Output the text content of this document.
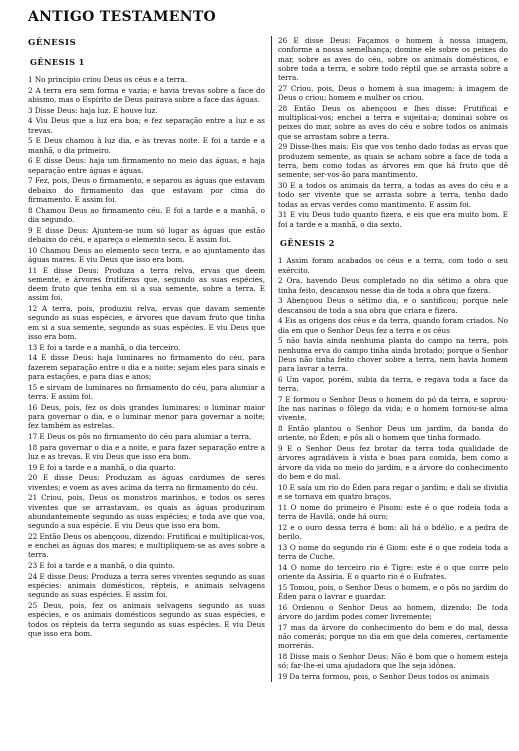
ANTIGO TESTAMENTO
GÊNESIS
GÊNESIS 1
1 No princípio criou Deus os céus e a terra.
2 A terra era sem forma e vazia; e havia trevas sobre a face do abismo, mas o Espírito de Deus pairava sobre a face das águas.
3 Disse Deus: haja luz. E houve luz.
4 Viu Deus que a luz era boa; e fez separação entre a luz e as trevas.
5 E Deus chamou à luz dia, e às trevas noite. E foi a tarde e a manhã, o dia primeiro.
6 E disse Deus: haja um firmamento no meio das águas, e haja separação entre águas e águas.
7 Fez, pois, Deus o firmamento, e separou as águas que estavam debaixo do firmamento das que estavam por cima do firmamento. E assim foi.
8 Chamou Deus ao firmamento céu. E foi a tarde e a manhã, o dia segundo.
9 E disse Deus: Ajuntem-se num só lugar as águas que estão debaixo do céu, e apareça o elemento seco. E assim foi.
10 Chamou Deus ao elemento seco terra, e ao ajuntamento das águas mares. E viu Deus que isso era bom.
11 E disse Deus: Produza a terra relva, ervas que deem semente, e árvores frutíferas que, segundo as suas espécies, deem fruto que tenha em si a sua semente, sobre a terra. E assim foi.
12 A terra, pois, produziu relva, ervas que davam semente segundo as suas espécies, e árvores que davam fruto que tinha em si a sua semente, segundo as suas espécies. E viu Deus que isso era bom.
13 E foi a tarde e a manhã, o dia terceiro.
14 E disse Deus: haja luminares no firmamento do céu, para fazerem separação entre o dia e a noite; sejam eles para sinais e para estações, e para dias e anos;
15 e sirvam de luminares no firmamento do céu, para alumiar a terra. E assim foi.
16 Deus, pois, fez os dois grandes luminares: o luminar maior para governar o dia, e o luminar menor para governar a noite; fez também as estrelas.
17 E Deus os pôs no firmamento do céu para alumiar a terra,
18 para governar o dia e a noite, e para fazer separação entre a luz e as trevas. E viu Deus que isso era bom.
19 E foi a tarde e a manhã, o dia quarto.
20 E disse Deus: Produzam as águas cardumes de seres viventes; e voem as aves acima da terra no firmamento do céu.
21 Criou, pois, Deus os monstros marinhos, e todos os seres viventes que se arrastavam, os quais as águas produziram abundantemente segundo as suas espécies; e toda ave que voa, segundo a sua espécie. E viu Deus que isso era bom.
22 Então Deus os abençoou, dizendo: Frutificai e multiplicai-vos, e enchei as águas dos mares; e multipliquem-se as aves sobre a terra.
23 E foi a tarde e a manhã, o dia quinto.
24 E disse Deus: Produza a terra seres viventes segundo as suas espécies: animais domésticos, répteis, e animais selvagens segundo as suas espécies. E assim foi.
25 Deus, pois, fez os animais selvagens segundo as suas espécies, e os animais domésticos segundo as suas espécies, e todos os répteis da terra segundo as suas espécies. E viu Deus que isso era bom.
26 E disse Deus: Façamos o homem à nossa imagem, conforme a nossa semelhança; domine ele sobre os peixes do mar, sobre as aves do céu, sobre os animais domésticos, e sobre toda a terra, e sobre todo réptil que se arrasta sobre a terra.
27 Criou, pois, Deus o homem à sua imagem; à imagem de Deus o criou; homem e mulher os criou.
28 Então Deus os abençoou e lhes disse: Frutificai e multiplicai-vos; enchei a terra e sujeitai-a; dominai sobre os peixes do mar, sobre as aves do céu e sobre todos os animais que se arrastam sobre a terra.
29 Disse-lhes mais: Eis que vos tenho dado todas as ervas que produzem semente, as quais se acham sobre a face de toda a terra, bem como todas as árvores em que há fruto que dê semente; ser-vos-ão para mantimento.
30 E a todos os animais da terra, a todas as aves do céu e a todo ser vivente que se arrasta sobre a terra, tenho dado todas as ervas verdes como mantimento. E assim foi.
31 E viu Deus tudo quanto fizera, e eis que era muito bom. E foi a tarde e a manhã, o dia sexto.
GÊNESIS 2
1 Assim foram acabados os céus e a terra, com todo o seu exército.
2 Ora, havendo Deus completado no dia sétimo a obra que tinha feito, descansou nesse dia de toda a obra que fizera.
3 Abençoou Deus o sétimo dia, e o santificou; porque nele descansou de toda a sua obra que criara e fizera.
4 Eis as origens dos céus e da terra, quando foram criados. No dia em que o Senhor Deus fez a terra e os céus
5 não havia ainda nenhuma planta do campo na terra, pois nenhuma erva do campo tinha ainda brotado; porque o Senhor Deus não tinha feito chover sobre a terra, nem havia homem para lavrar a terra.
6 Um vapor, porém, subia da terra, e regava toda a face da terra.
7 E formou o Senhor Deus o homem do pó da terra, e soprou-lhe nas narinas o fôlego da vida; e o homem tornou-se alma vivente.
8 Então plantou o Senhor Deus um jardim, da banda do oriente, no Éden; e pôs ali o homem que tinha formado.
9 E o Senhor Deus fez brotar da terra toda qualidade de árvores agradáveis à vista e boas para comida, bem como a árvore da vida no meio do jardim, e a árvore do conhecimento do bem e do mal.
10 E saía um rio do Éden para regar o jardim; e dali se dividia e se tornava em quatro braços.
11 O nome do primeiro é Pisom: este é o que rodeia toda a terra de Havilá, onde há ouro;
12 e o ouro dessa terra é bom: ali há o bdélio, e a pedra de berilo.
13 O nome do segundo rio é Giom: este é o que rodeia toda a terra de Cuche.
14 O nome do terceiro rio é Tigre: este é o que corre pelo oriente da Assíria. E o quarto rio é o Eufrates.
15 Tomou, pois, o Senhor Deus o homem, e o pôs no jardim do Éden para o lavrar e guardar.
16 Ordenou o Senhor Deus ao homem, dizendo: De toda árvore do jardim podes comer livremente;
17 mas da árvore do conhecimento do bem e do mal, dessa não comerás; porque no dia em que dela comeres, certamente morrerás.
18 Disse mais o Senhor Deus: Não é bom que o homem esteja só; far-lhe-ei uma ajudadora que lhe seja idônea.
19 Da terra formou, pois, o Senhor Deus todos os animais
